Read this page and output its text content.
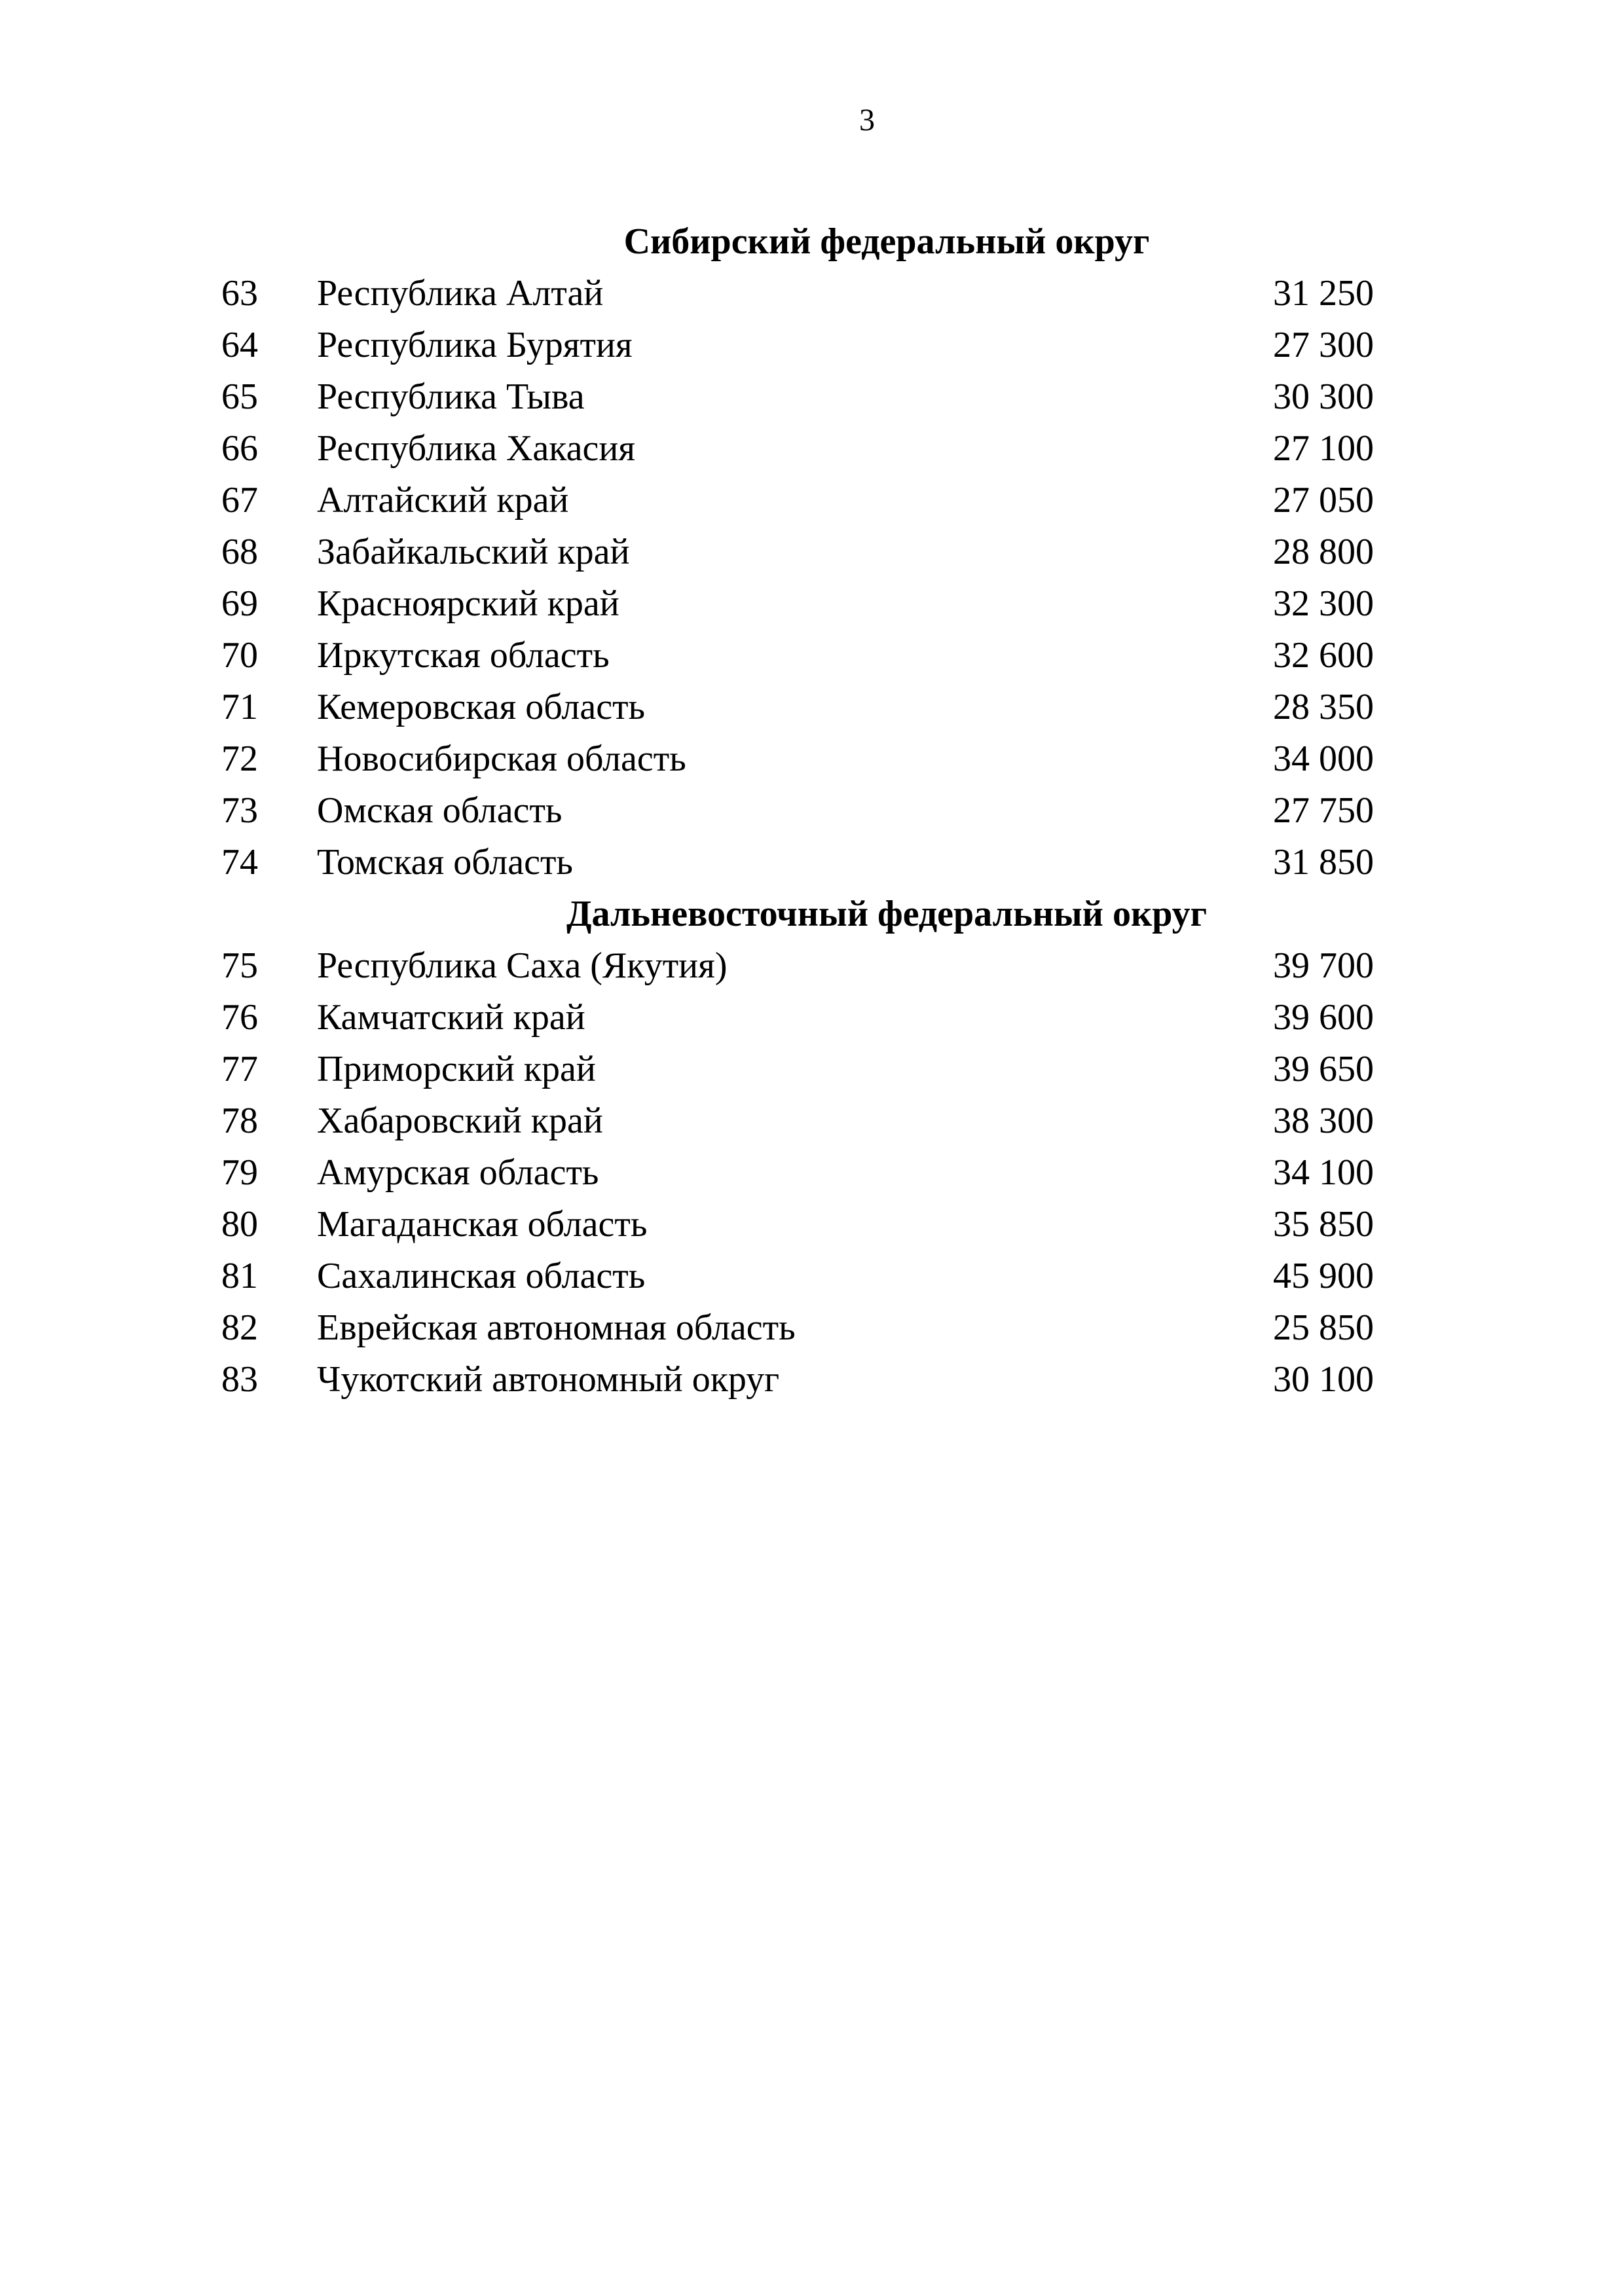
3
Сибирский федеральный округ
63 Республика Алтай	31 250
64 Республика Бурятия	27 300
65 Республика Тыва	30 300
66 Республика Хакасия	27 100
67 Алтайский край	27 050
68 Забайкальский край	28 800
69 Красноярский край	32 300
70 Иркутская область	32 600
71 Кемеровская область	28 350
72 Новосибирская область	34 000
73 Омская область	27 750
74 Томская область	31 850
Дальневосточный федеральный округ
75 Республика Саха (Якутия)	39 700
76 Камчатский край	39 600
77 Приморский край	39 650
78 Хабаровский край	38 300
79 Амурская область	34 100
80 Магаданская область	35 850
81 Сахалинская область	45 900
82 Еврейская автономная область	25 850
83 Чукотский автономный округ	30 100
